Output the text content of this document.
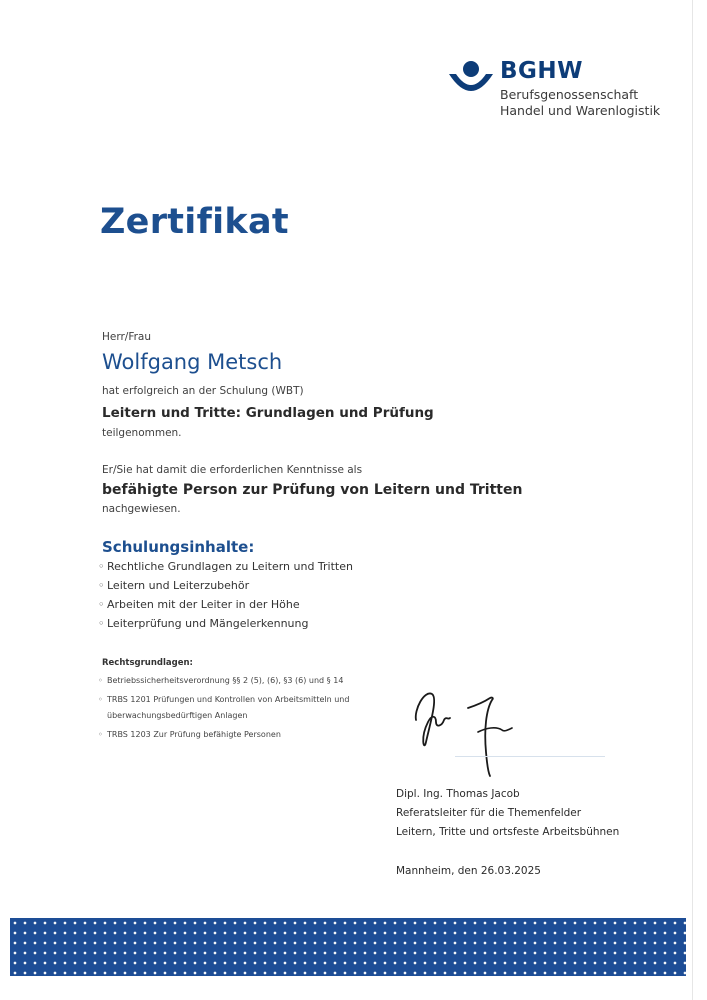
BGHW
Berufsgenossenschaft
Handel und Warenlogistik
Zertifikat
Herr/Frau
Wolfgang Metsch
hat erfolgreich an der Schulung (WBT)
Leitern und Tritte: Grundlagen und Prüfung
teilgenommen.
Er/Sie hat damit die erforderlichen Kenntnisse als
befähigte Person zur Prüfung von Leitern und Tritten
nachgewiesen.
Schulungsinhalte:
◦ Rechtliche Grundlagen zu Leitern und Tritten
◦ Leitern und Leiterzubehör
◦ Arbeiten mit der Leiter in der Höhe
◦ Leiterprüfung und Mängelerkennung
Rechtsgrundlagen:
◦ Betriebssicherheitsverordnung §§ 2 (5), (6), §3 (6) und § 14
◦ TRBS 1201 Prüfungen und Kontrollen von Arbeitsmitteln und
überwachungsbedürftigen Anlagen
◦ TRBS 1203 Zur Prüfung befähigte Personen
Dipl. Ing. Thomas Jacob
Referatsleiter für die Themenfelder
Leitern, Tritte und ortsfeste Arbeitsbühnen
Mannheim, den 26.03.2025
